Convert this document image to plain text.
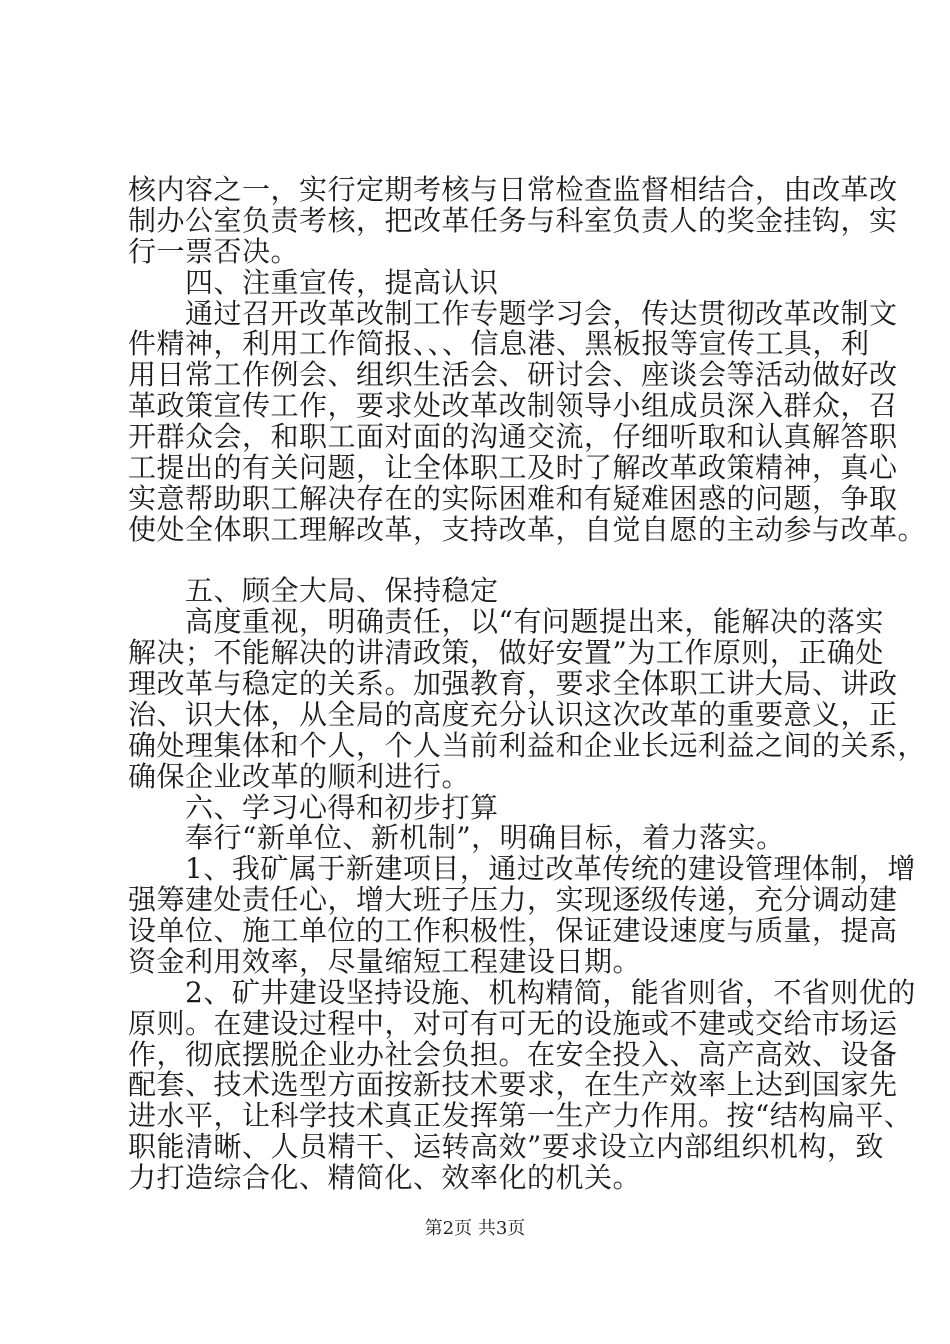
核内容之一，实行定期考核与日常检查监督相结合，由改革改
制办公室负责考核，把改革任务与科室负责人的奖金挂钩，实
行一票否决。
　　四、注重宣传，提高认识
　　通过召开改革改制工作专题学习会，传达贯彻改革改制文
件精神，利用工作简报、、、信息港、黑板报等宣传工具，利
用日常工作例会、组织生活会、研讨会、座谈会等活动做好改
革政策宣传工作，要求处改革改制领导小组成员深入群众，召
开群众会，和职工面对面的沟通交流，仔细听取和认真解答职
工提出的有关问题，让全体职工及时了解改革政策精神，真心
实意帮助职工解决存在的实际困难和有疑难困惑的问题，争取
使处全体职工理解改革，支持改革，自觉自愿的主动参与改革。
　　五、顾全大局、保持稳定
　　高度重视，明确责任，以“有问题提出来，能解决的落实
解决；不能解决的讲清政策，做好安置”为工作原则，正确处
理改革与稳定的关系。加强教育，要求全体职工讲大局、讲政
治、识大体，从全局的高度充分认识这次改革的重要意义，正
确处理集体和个人，个人当前利益和企业长远利益之间的关系，
确保企业改革的顺利进行。
　　六、学习心得和初步打算
　　奉行“新单位、新机制”，明确目标，着力落实。
　　1、我矿属于新建项目，通过改革传统的建设管理体制，增
强筹建处责任心，增大班子压力，实现逐级传递，充分调动建
设单位、施工单位的工作积极性，保证建设速度与质量，提高
资金利用效率，尽量缩短工程建设日期。
　　2、矿井建设坚持设施、机构精简，能省则省，不省则优的
原则。在建设过程中，对可有可无的设施或不建或交给市场运
作，彻底摆脱企业办社会负担。在安全投入、高产高效、设备
配套、技术选型方面按新技术要求，在生产效率上达到国家先
进水平，让科学技术真正发挥第一生产力作用。按“结构扁平、
职能清晰、人员精干、运转高效”要求设立内部组织机构，致
力打造综合化、精简化、效率化的机关。
第2页 共3页
